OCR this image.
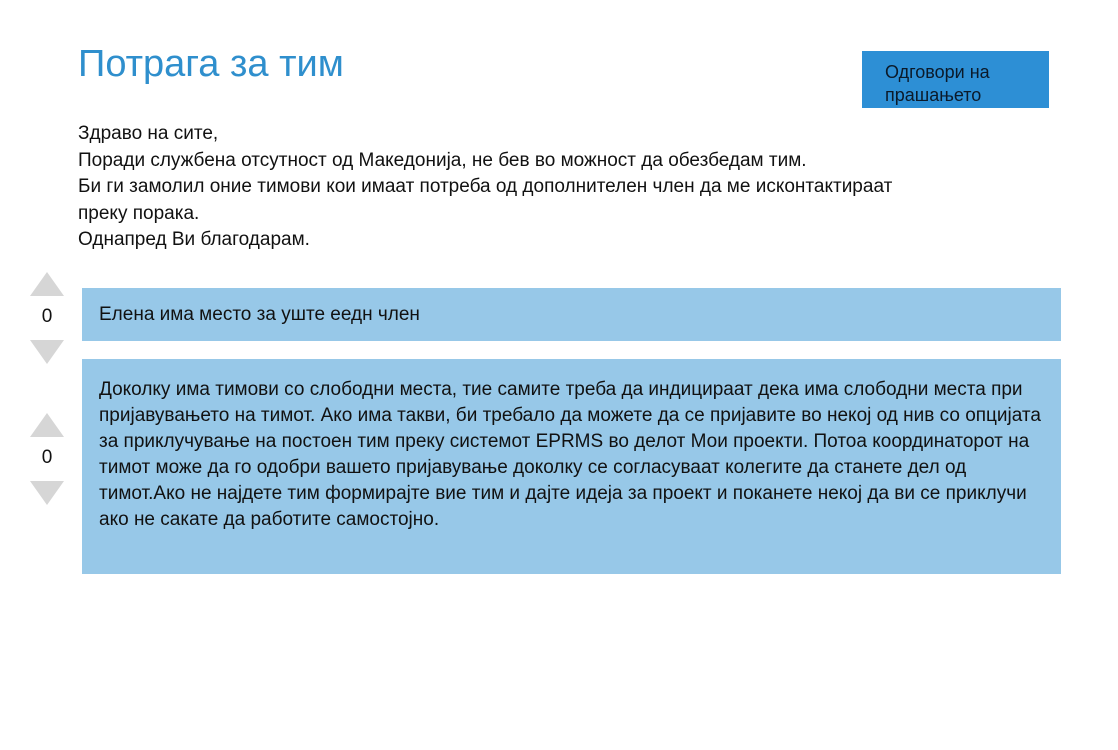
Потрага за тим	Одговори на прашањето

Здраво на сите,

Поради службена отсутност од Македонија, не бев во можност да обезбедам тим.

Би ги замолил оние тимови кои имаат потреба од дополнителен член да ме исконтактираат преку порака.

Однапред Ви благодарам.

0	Елена има место за уште еедн член

0

Доколку има тимови со слободни места, тие самите треба да индицираат дека има слободни места при пријавувањето на тимот. Ако има такви, би требало да можете да се пријавите во некој од нив со опцијата за приклучување на постоен тим преку системот EPRMS во делот Мои проекти. Потоа координаторот на тимот може да го одобри вашето пријавување доколку се согласуваат колегите да станете дел од тимот.Ако не најдете тим формирајте вие тим и дајте идеја за проект и поканете некој да ви се приклучи ако не сакате да работите самостојно.
